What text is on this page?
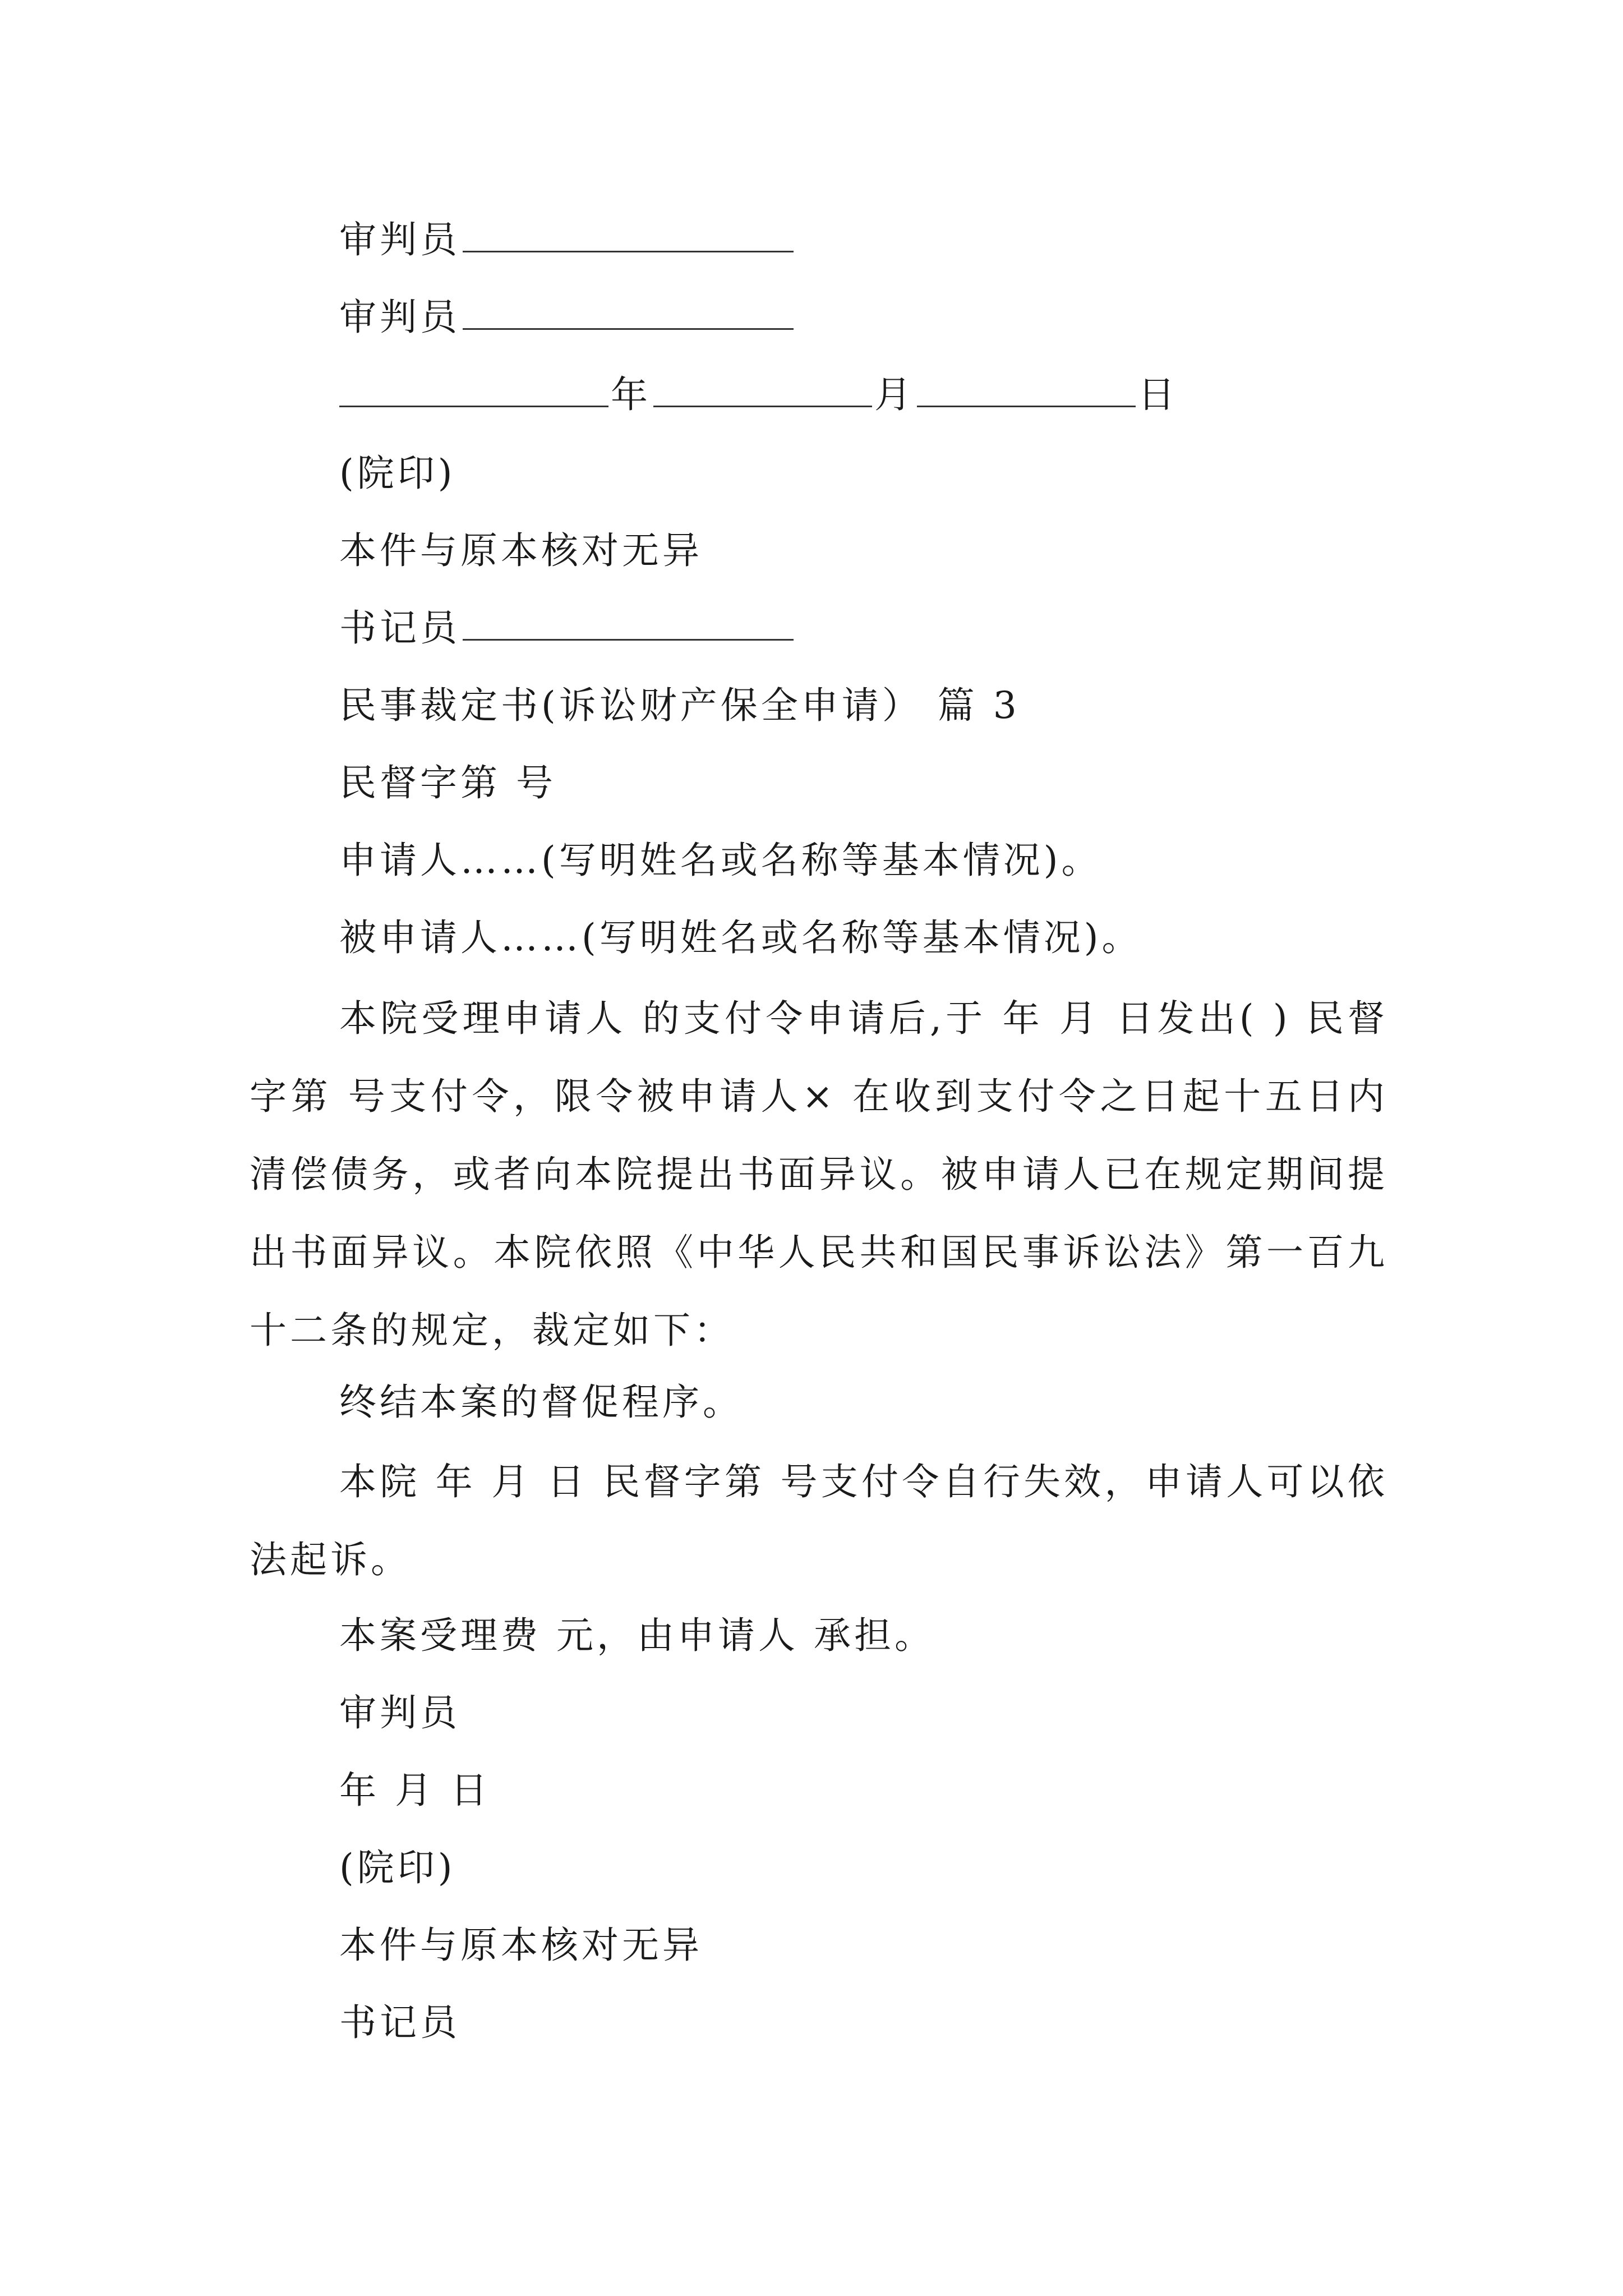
审判员
审判员
年	月	日
(院印)
本件与原本核对无异
书记员
民事裁定书(诉讼财产保全申请） 篇 3
民督字第 号
申请人……(写明姓名或名称等基本情况)。
被申请人……(写明姓名或名称等基本情况)。
本院受理申请人 的支付令申请后,于 年 月 日发出( ) 民督字第 号支付令，限令被申请人× 在收到支付令之日起十五日内清偿债务，或者向本院提出书面异议。被申请人已在规定期间提出书面异议。本院依照《中华人民共和国民事诉讼法》第一百九十二条的规定，裁定如下：
终结本案的督促程序。
本院 年 月 日 民督字第 号支付令自行失效，申请人可以依法起诉。
本案受理费 元，由申请人 承担。
审判员
年 月 日
(院印)
本件与原本核对无异
书记员
